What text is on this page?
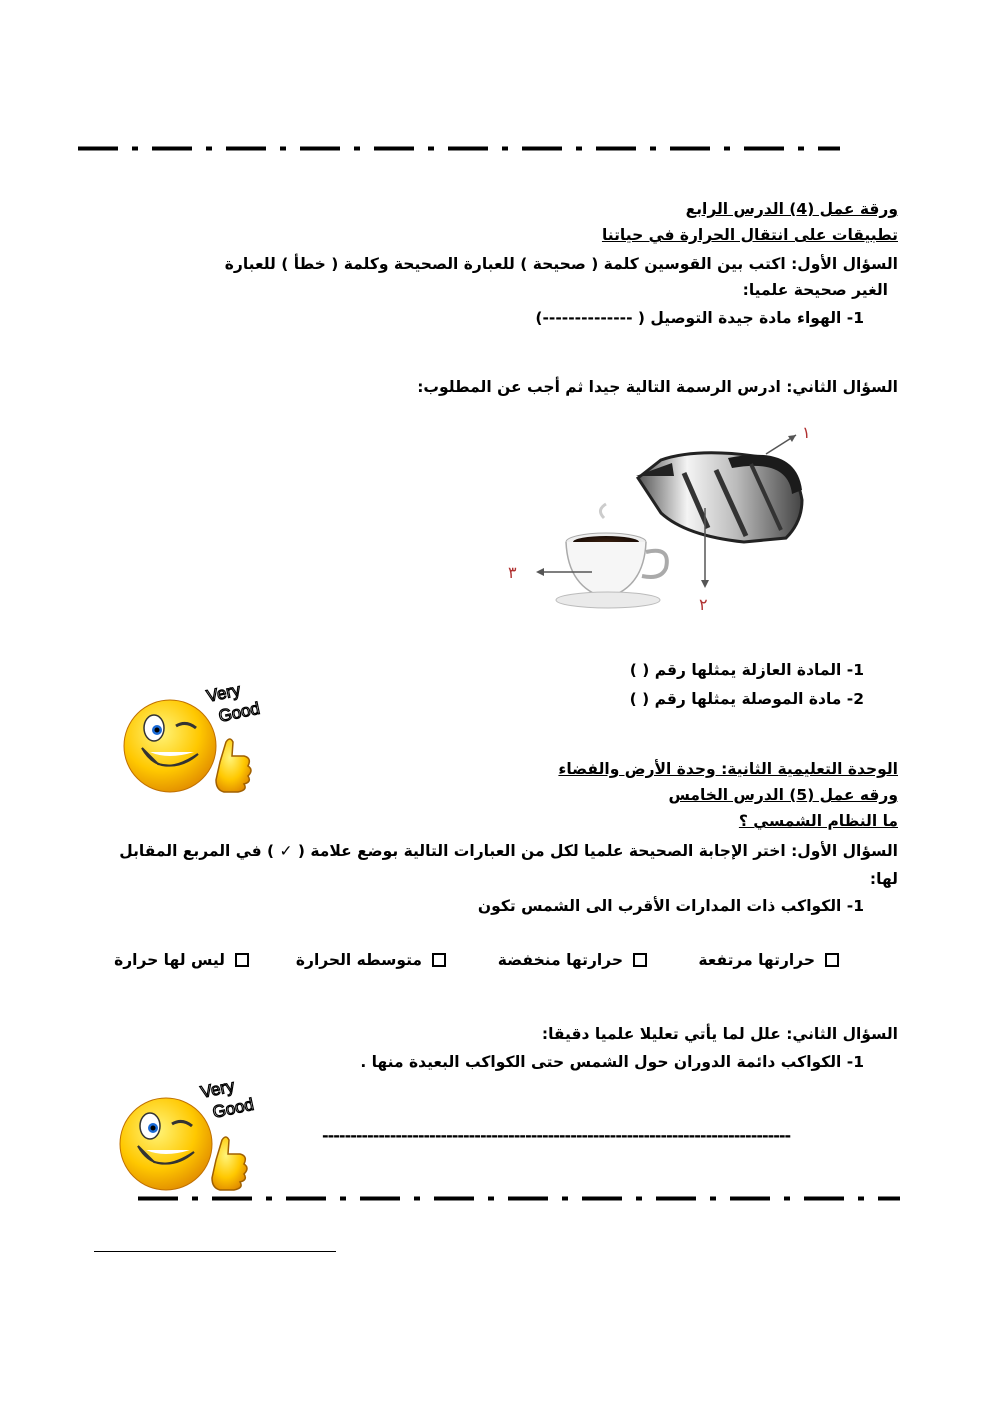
ورقة عمل (4) الدرس الرابع
تطبيقات على انتقال الحرارة في حياتنا
السؤال الأول: اكتب بين القوسين كلمة ( صحيحة ) للعبارة الصحيحة وكلمة ( خطأ ) للعبارة
الغير صحيحة علميا:
1- الهواء مادة جيدة التوصيل ( --------------)
السؤال الثاني: ادرس الرسمة التالية جيدا ثم أجب عن المطلوب:
١
٢
٣
1- المادة العازلة يمثلها رقم ( )
2- مادة الموصلة يمثلها رقم ( )
Very
Good
الوحدة التعليمية الثانية: وحدة الأرض والفضاء
ورقه عمل (5) الدرس الخامس
ما النظام الشمسي ؟
السؤال الأول: اختر الإجابة الصحيحة علميا لكل من العبارات التالية بوضع علامة ( ✓ ) في المربع المقابل
لها:
1- الكواكب ذات المدارات الأقرب الى الشمس تكون
حرارتها مرتفعة
حرارتها منخفضة
متوسطه الحرارة
ليس لها حرارة
السؤال الثاني: علل لما يأتي تعليلا علميا دقيقا:
1- الكواكب دائمة الدوران حول الشمس حتى الكواكب البعيدة منها .
-----------------------------------------------------------------------------------
Very
Good
